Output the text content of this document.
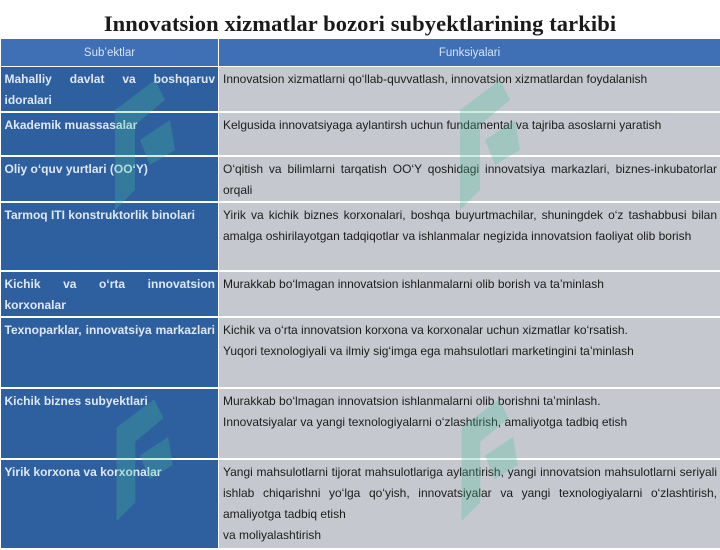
Innovatsion xizmatlar bozori subyektlarining tarkibi
Sub’ektlar	Funksiyalari
Mahalliy davlat va boshqaruv idoralari	Innovatsion xizmatlarni qo‘llab-quvvatlash, innovatsion xizmatlardan foydalanish

Akademik muassasalar	Kelgusida innovatsiyaga aylantirsh uchun fundamental va tajriba asoslarni yaratish

Oliy o‘quv yurtlari (OO‘Y)	O‘qitish va bilimlarni tarqatish OO‘Y qoshidagi innovatsiya markazlari, biznes-inkubatorlar orqali

Tarmoq ITI konstruktorlik binolari	Yirik va kichik biznes korxonalari, boshqa buyurtmachilar, shuningdek o‘z tashabbusi bilan amalga oshirilayotgan tadqiqotlar va ishlanmalar negizida innovatsion faoliyat olib borish

Kichik va o‘rta innovatsion korxonalar	Murakkab bo‘lmagan innovatsion ishlanmalarni olib borish va ta’minlash

Texnoparklar, innovatsiya markazlari	Kichik va o‘rta innovatsion korxona va korxonalar uchun xizmatlar ko‘rsatish.
Yuqori texnologiyali va ilmiy sig‘imga ega mahsulotlari marketingini ta’minlash

Kichik biznes subyektlari	Murakkab bo‘lmagan innovatsion ishlanmalarni olib borishni ta’minlash.
Innovatsiyalar va yangi texnologiyalarni o‘zlashtirish, amaliyotga tadbiq etish

Yirik korxona va korxonalar	Yangi mahsulotlarni tijorat mahsulotlariga aylantirish, yangi innovatsion mahsulotlarni seriyali ishlab chiqarishni yo‘lga qo‘yish, innovatsiyalar va yangi texnologiyalarni o‘zlashtirish, amaliyotga tadbiq etish
va moliyalashtirish
